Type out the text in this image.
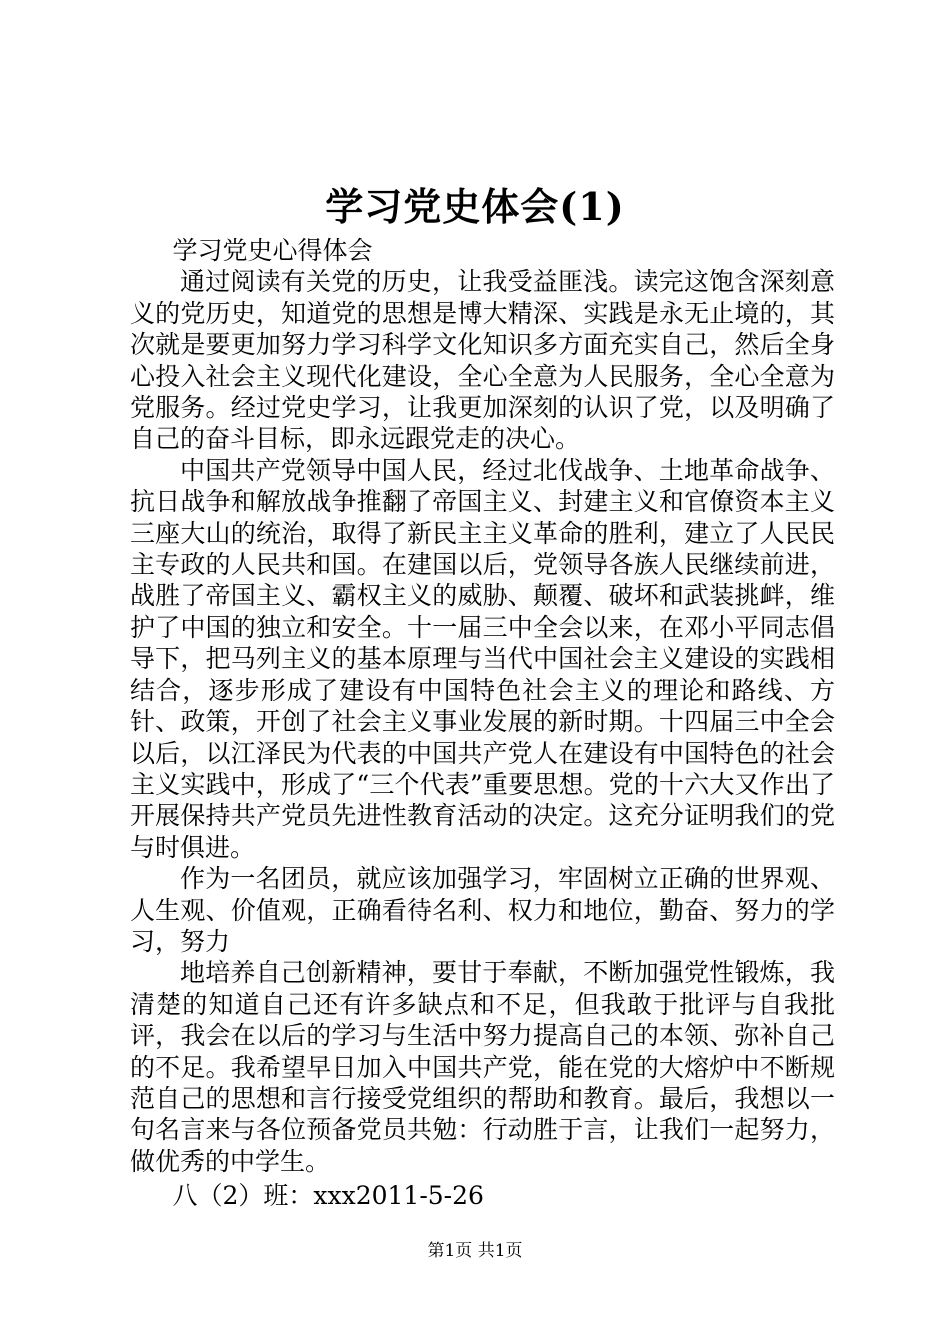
学习党史体会(1)

学习党史心得体会

通过阅读有关党的历史，让我受益匪浅。读完这饱含深刻意义的党历史，知道党的思想是博大精深、实践是永无止境的，其次就是要更加努力学习科学文化知识多方面充实自己，然后全身心投入社会主义现代化建设，全心全意为人民服务，全心全意为党服务。经过党史学习，让我更加深刻的认识了党，以及明确了自己的奋斗目标，即永远跟党走的决心。

中国共产党领导中国人民，经过北伐战争、土地革命战争、抗日战争和解放战争推翻了帝国主义、封建主义和官僚资本主义三座大山的统治，取得了新民主主义革命的胜利，建立了人民民主专政的人民共和国。在建国以后，党领导各族人民继续前进，战胜了帝国主义、霸权主义的威胁、颠覆、破坏和武装挑衅，维护了中国的独立和安全。十一届三中全会以来，在邓小平同志倡导下，把马列主义的基本原理与当代中国社会主义建设的实践相结合，逐步形成了建设有中国特色社会主义的理论和路线、方针、政策，开创了社会主义事业发展的新时期。十四届三中全会以后，以江泽民为代表的中国共产党人在建设有中国特色的社会主义实践中，形成了“三个代表”重要思想。党的十六大又作出了开展保持共产党员先进性教育活动的决定。这充分证明我们的党与时俱进。

作为一名团员，就应该加强学习，牢固树立正确的世界观、人生观、价值观，正确看待名利、权力和地位，勤奋、努力的学习，努力

地培养自己创新精神，要甘于奉献，不断加强党性锻炼，我清楚的知道自己还有许多缺点和不足，但我敢于批评与自我批评，我会在以后的学习与生活中努力提高自己的本领、弥补自己的不足。我希望早日加入中国共产党，能在党的大熔炉中不断规范自己的思想和言行接受党组织的帮助和教育。最后，我想以一句名言来与各位预备党员共勉：行动胜于言，让我们一起努力，做优秀的中学生。

八（2）班：xxx2011-5-26

第1页 共1页
